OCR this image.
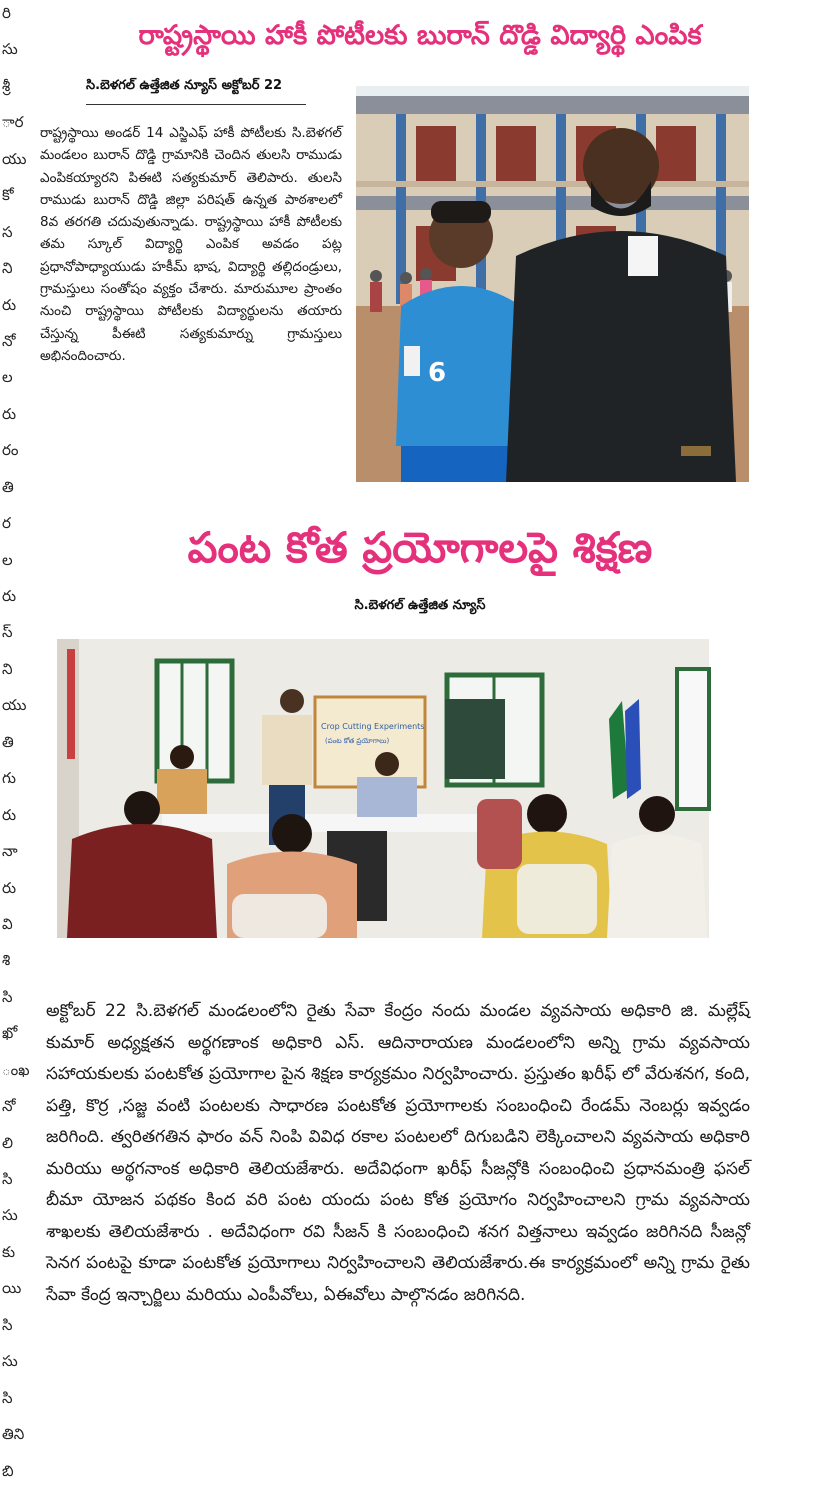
రి
సు
శ్రీ
ార
యు
కో
స
ని
రు
నో
ల
రు
రం
తి
ర
ల
రు
స్
ని
యు
తి
గు
రు
నా
రు
వి
శి
సి
ఖో
ంఖ
నో
లి
సి
సు
కు
యి
సి
సు
సి
తిని
బి
రాష్ట్రస్థాయి హాకీ పోటీలకు బురాన్ దొడ్డి విద్యార్థి ఎంపిక
సి.బెళగల్ ఉత్తేజిత న్యూస్ అక్టోబర్ 22
రాష్ట్రస్థాయి అండర్ 14 ఎస్జిఎఫ్ హాకీ పోటీలకు సి.బెళగల్ మండలం బురాన్ దొడ్డి గ్రామానికి చెందిన తులసి రాముడు ఎంపికయ్యారని పిఈటి సత్యకుమార్ తెలిపారు. తులసి రాముడు బురాన్ దొడ్డి జిల్లా పరిషత్ ఉన్నత పాఠశాలలో 8వ తరగతి చదువుతున్నాడు. రాష్ట్రస్థాయి హాకీ పోటీలకు తమ స్కూల్ విద్యార్థి ఎంపిక అవడం పట్ల ప్రధానోపాధ్యాయుడు హకీమ్ భాష, విద్యార్థి తల్లిదండ్రులు, గ్రామస్తులు సంతోషం వ్యక్తం చేశారు. మారుమూల ప్రాంతం నుంచి రాష్ట్రస్థాయి పోటీలకు విద్యార్థులను తయారు చేస్తున్న పీఈటి సత్యకుమార్ను గ్రామస్తులు అభినందించారు.
6
పంట కోత ప్రయోగాలపై శిక్షణ
సి.బెళగల్ ఉత్తేజిత న్యూస్
Crop Cutting Experiments
(పంట కోత ప్రయోగాలు)
అక్టోబర్ 22 సి.బెళగల్ మండలంలోని రైతు సేవా కేంద్రం నందు మండల వ్యవసాయ అధికారి జి. మల్లేష్ కుమార్ అధ్యక్షతన అర్థగణాంక అధికారి ఎస్. ఆదినారాయణ మండలంలోని అన్ని గ్రామ వ్యవసాయ సహాయకులకు పంటకోత ప్రయోగాల పైన శిక్షణ కార్యక్రమం నిర్వహించారు. ప్రస్తుతం ఖరీఫ్ లో వేరుశనగ, కంది, పత్తి, కొర్ర ,సజ్జ వంటి పంటలకు సాధారణ పంటకోత ప్రయోగాలకు సంబంధించి రేండమ్ నెంబర్లు ఇవ్వడం జరిగింది. త్వరితగతిన ఫారం వన్ నింపి వివిధ రకాల పంటలలో దిగుబడిని లెక్కించాలని వ్యవసాయ అధికారి మరియు అర్థగనాంక అధికారి తెలియజేశారు. అదేవిధంగా ఖరీఫ్ సీజన్లోకి సంబంధించి ప్రధానమంత్రి ఫసల్ బీమా యోజన పథకం కింద వరి పంట యందు పంట కోత ప్రయోగం నిర్వహించాలని గ్రామ వ్యవసాయ శాఖలకు తెలియజేశారు . అదేవిధంగా రవి సీజన్ కి సంబంధించి శనగ విత్తనాలు ఇవ్వడం జరిగినది సీజన్లో సెనగ పంటపై కూడా పంటకోత ప్రయోగాలు నిర్వహించాలని తెలియజేశారు.ఈ కార్యక్రమంలో అన్ని గ్రామ రైతు సేవా కేంద్ర ఇన్చార్జిలు మరియు ఎంపీవోలు, ఏఈవోలు పాల్గొనడం జరిగినది.
